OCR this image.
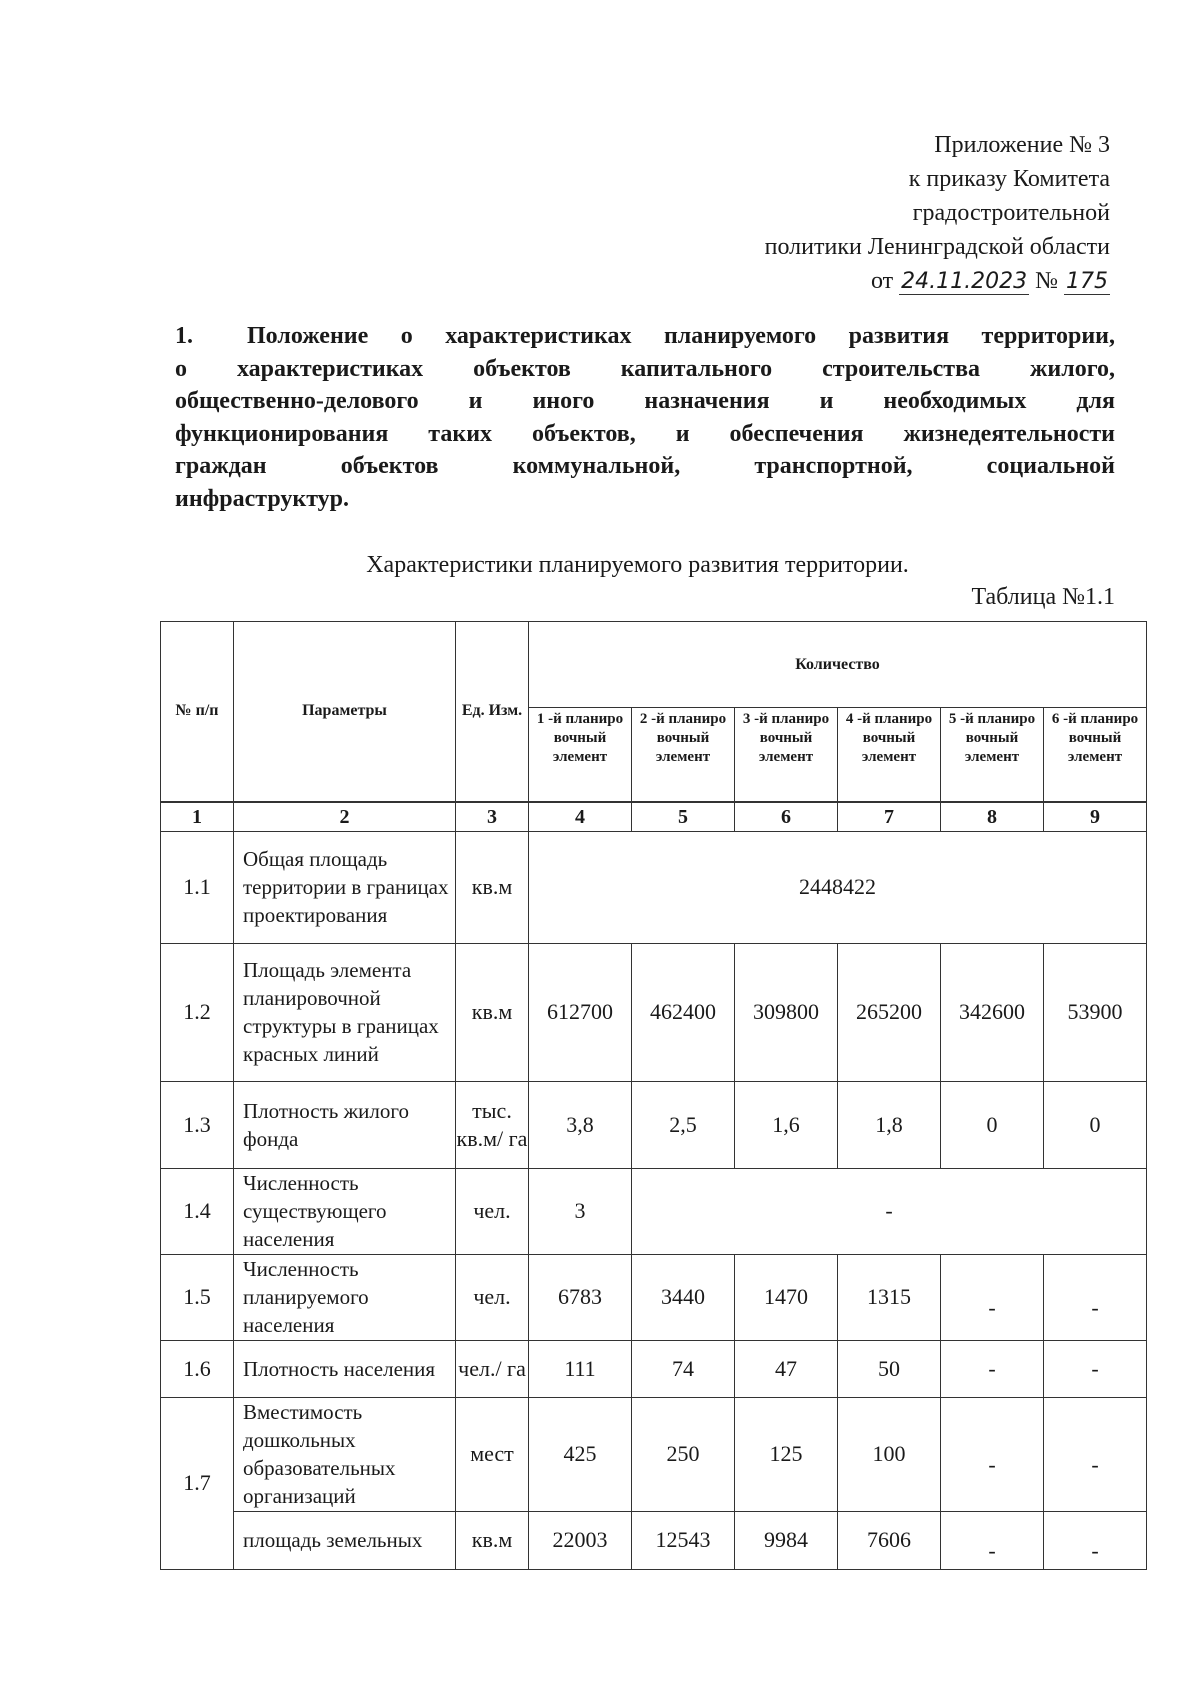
Приложение № 3
к приказу Комитета
градостроительной
политики Ленинградской области
от 24.11.2023 № 175
1. Положение о характеристиках планируемого развития территории,
о характеристиках объектов капитального строительства жилого,
общественно-делового и иного назначения и необходимых для
функционирования таких объектов, и обеспечения жизнедеятельности
граждан объектов коммунальной, транспортной, социальной
инфраструктур.
Характеристики планируемого развития территории.
Таблица №1.1
№ п/п	Параметры	Ед. Изм.	Количество					
			1 -й планиро вочный элемент	2 -й планиро вочный элемент	3 -й планиро вочный элемент	4 -й планиро вочный элемент	5 -й планиро вочный элемент	6 -й планиро вочный элемент
1	2	3	4	5	6	7	8	9
1.1	Общая площадь территории в границах проектирования	кв.м	2448422					
1.2	Площадь элемента планировочной структуры в границах красных линий	кв.м	612700	462400	309800	265200	342600	53900
1.3	Плотность жилого фонда	тыс. кв.м/ га	3,8	2,5	1,6	1,8	0	0
1.4	Численность существующего населения	чел.	3	-				
1.5	Численность планируемого населения	чел.	6783	3440	1470	1315	-	-

1.6	Плотность населения	чел./ га	111	74	47	50	-	-
1.7	Вместимость дошкольных образовательных организаций	мест	425	250	125	100	-	-

	площадь земельных	кв.м	22003	12543	9984	7606	-	-
